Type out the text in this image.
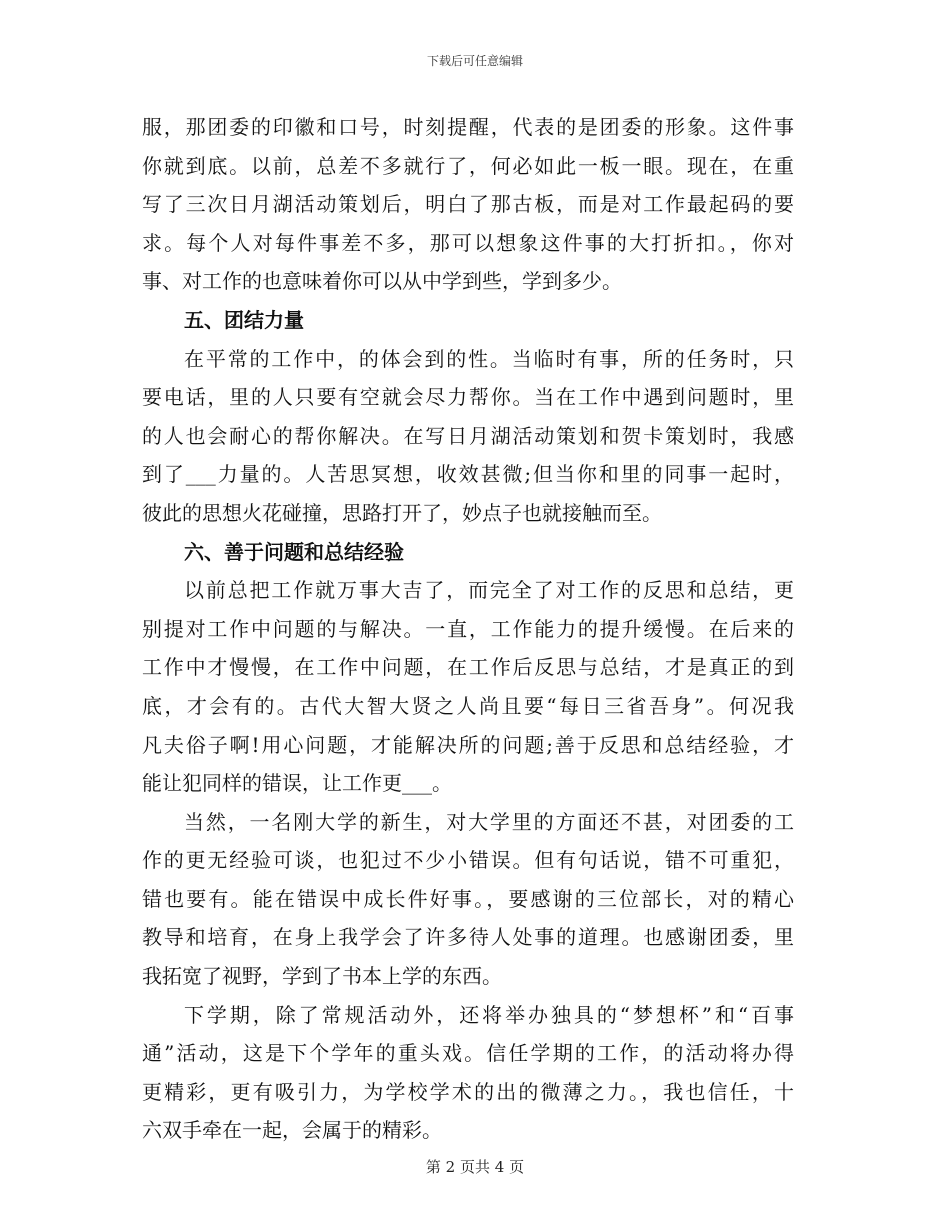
下载后可任意编辑
服，那团委的印徽和口号，时刻提醒，代表的是团委的形象。这件事
你就到底。以前，总差不多就行了，何必如此一板一眼。现在，在重
写了三次日月湖活动策划后，明白了那古板，而是对工作最起码的要
求。每个人对每件事差不多，那可以想象这件事的大打折扣。，你对
事、对工作的也意味着你可以从中学到些，学到多少。
五、团结力量
在平常的工作中，的体会到的性。当临时有事，所的任务时，只
要电话，里的人只要有空就会尽力帮你。当在工作中遇到问题时，里
的人也会耐心的帮你解决。在写日月湖活动策划和贺卡策划时，我感
到了___力量的。人苦思冥想，收效甚微;但当你和里的同事一起时，
彼此的思想火花碰撞，思路打开了，妙点子也就接触而至。
六、善于问题和总结经验
以前总把工作就万事大吉了，而完全了对工作的反思和总结，更
别提对工作中问题的与解决。一直，工作能力的提升缓慢。在后来的
工作中才慢慢，在工作中问题，在工作后反思与总结，才是真正的到
底，才会有的。古代大智大贤之人尚且要“每日三省吾身”。何况我
凡夫俗子啊!用心问题，才能解决所的问题;善于反思和总结经验，才
能让犯同样的错误，让工作更___。
当然，一名刚大学的新生，对大学里的方面还不甚，对团委的工
作的更无经验可谈，也犯过不少小错误。但有句话说，错不可重犯，
错也要有。能在错误中成长件好事。，要感谢的三位部长，对的精心
教导和培育，在身上我学会了许多待人处事的道理。也感谢团委，里
我拓宽了视野，学到了书本上学的东西。
下学期，除了常规活动外，还将举办独具的“梦想杯”和“百事
通”活动，这是下个学年的重头戏。信任学期的工作，的活动将办得
更精彩，更有吸引力，为学校学术的出的微薄之力。，我也信任，十
六双手牵在一起，会属于的精彩。
第 2 页共 4 页
